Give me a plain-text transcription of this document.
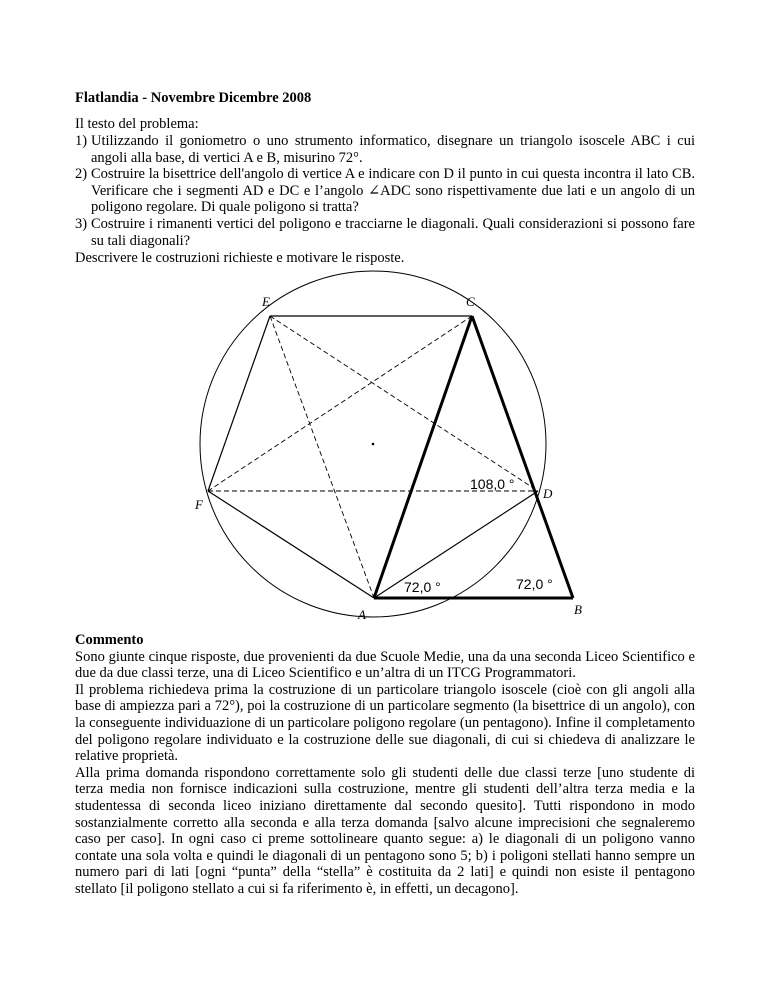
Flatlandia - Novembre Dicembre 2008
Il testo del problema:
1) Utilizzando il goniometro o uno strumento informatico, disegnare un triangolo isoscele ABC i cui angoli alla base, di vertici A e B, misurino 72°.
2) Costruire la bisettrice dell'angolo di vertice A e indicare con D il punto in cui questa incontra il lato CB. Verificare che i segmenti AD e DC e l’angolo ∠ADC sono rispettivamente due lati e un angolo di un poligono regolare. Di quale poligono si tratta?
3) Costruire i rimanenti vertici del poligono e tracciarne le diagonali. Quali considerazioni si possono fare su tali diagonali?
Descrivere le costruzioni richieste e motivare le risposte.
E	C
D
F
A	B
108,0 °
72,0 °	72,0 °
Commento

Sono giunte cinque risposte, due provenienti da due Scuole Medie, una da una seconda Liceo Scientifico e due da due classi terze, una di Liceo Scientifico e un’altra di un ITCG Programmatori.

Il problema richiedeva prima la costruzione di un particolare triangolo isoscele (cioè con gli angoli alla base di ampiezza pari a 72°), poi la costruzione di un particolare segmento (la bisettrice di un angolo), con la conseguente individuazione di un particolare poligono regolare (un pentagono). Infine il completamento del poligono regolare individuato e la costruzione delle sue diagonali, di cui si chiedeva di analizzare le relative proprietà.

Alla prima domanda rispondono correttamente solo gli studenti delle due classi terze [uno studente di terza media non fornisce indicazioni sulla costruzione, mentre gli studenti dell’altra terza media e la studentessa di seconda liceo iniziano direttamente dal secondo quesito]. Tutti rispondono in modo sostanzialmente corretto alla seconda e alla terza domanda [salvo alcune imprecisioni che segnaleremo caso per caso]. In ogni caso ci preme sottolineare quanto segue: a) le diagonali di un poligono vanno contate una sola volta e quindi le diagonali di un pentagono sono 5; b) i poligoni stellati hanno sempre un numero pari di lati [ogni “punta” della “stella” è costituita da 2 lati] e quindi non esiste il pentagono stellato [il poligono stellato a cui si fa riferimento è, in effetti, un decagono].
